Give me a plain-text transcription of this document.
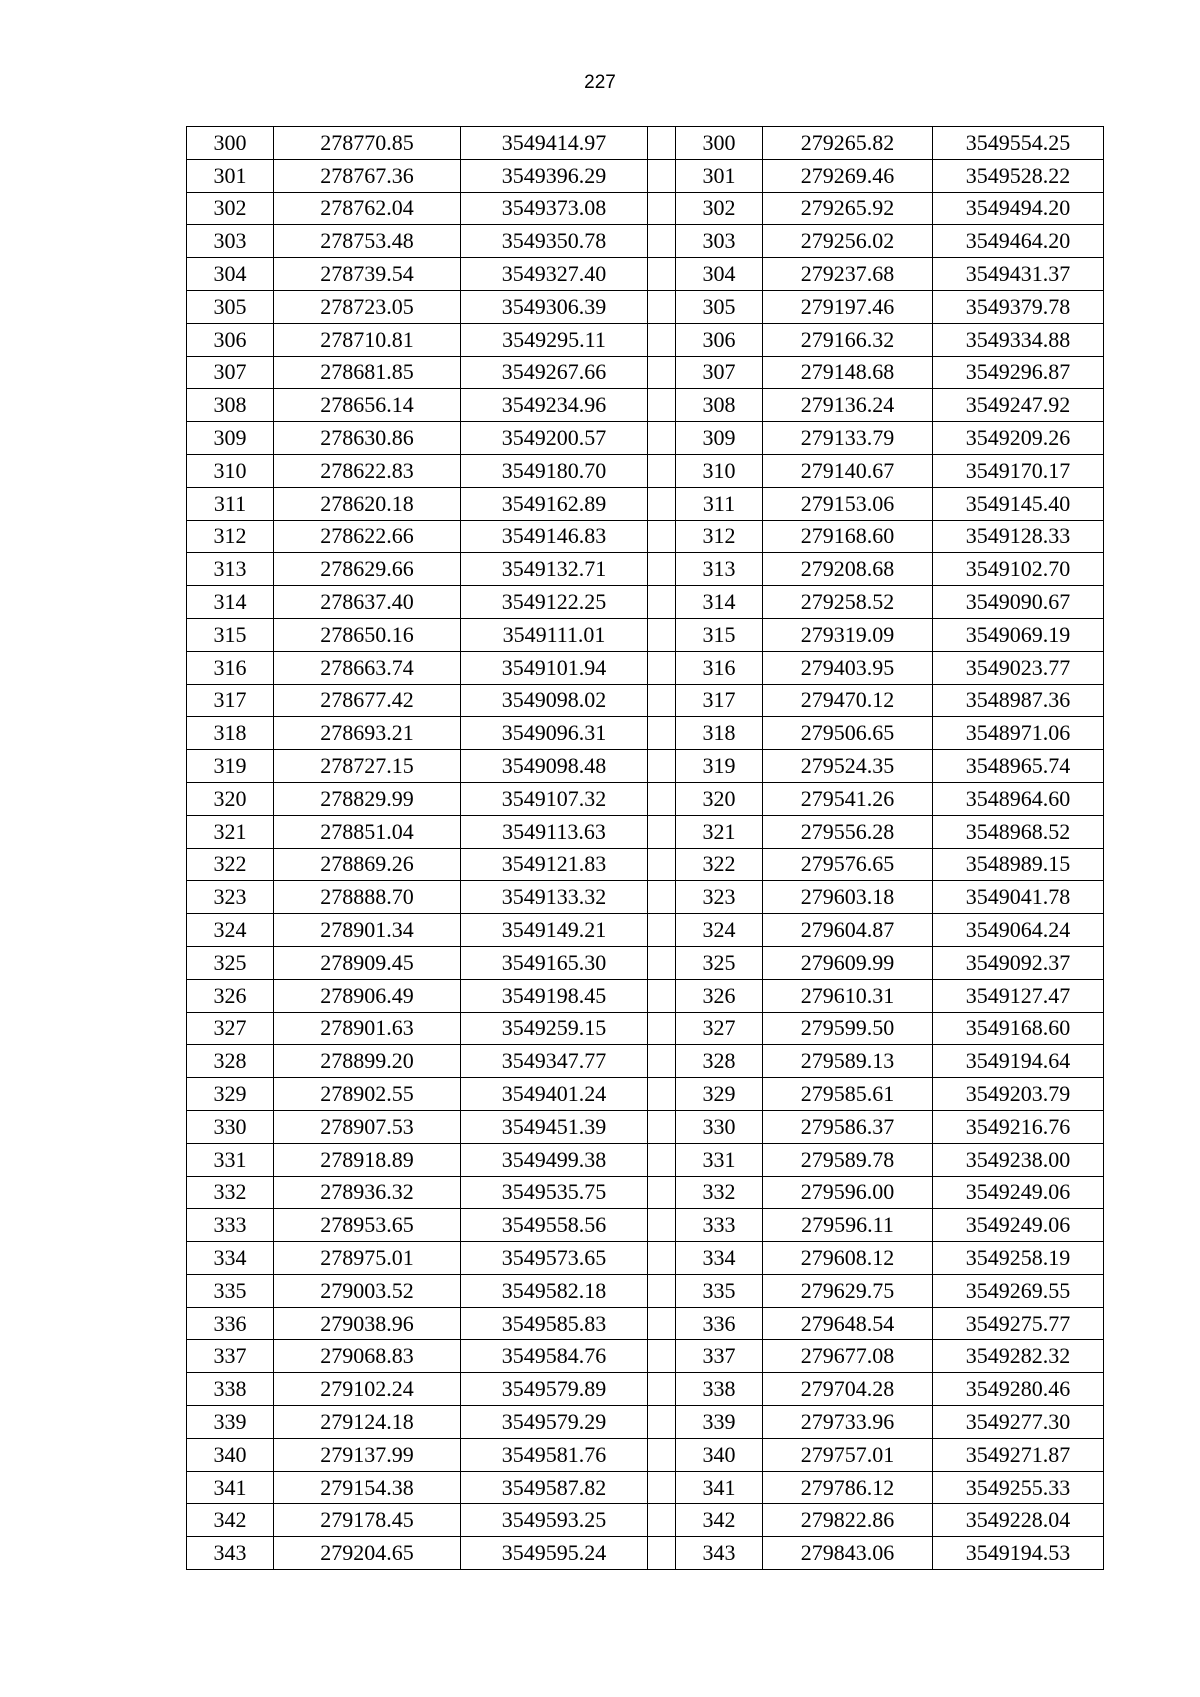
227
300	278770.85	3549414.97		300	279265.82	3549554.25
301	278767.36	3549396.29		301	279269.46	3549528.22
302	278762.04	3549373.08		302	279265.92	3549494.20
303	278753.48	3549350.78		303	279256.02	3549464.20
304	278739.54	3549327.40		304	279237.68	3549431.37
305	278723.05	3549306.39		305	279197.46	3549379.78
306	278710.81	3549295.11		306	279166.32	3549334.88
307	278681.85	3549267.66		307	279148.68	3549296.87
308	278656.14	3549234.96		308	279136.24	3549247.92
309	278630.86	3549200.57		309	279133.79	3549209.26
310	278622.83	3549180.70		310	279140.67	3549170.17
311	278620.18	3549162.89		311	279153.06	3549145.40
312	278622.66	3549146.83		312	279168.60	3549128.33
313	278629.66	3549132.71		313	279208.68	3549102.70
314	278637.40	3549122.25		314	279258.52	3549090.67
315	278650.16	3549111.01		315	279319.09	3549069.19
316	278663.74	3549101.94		316	279403.95	3549023.77
317	278677.42	3549098.02		317	279470.12	3548987.36
318	278693.21	3549096.31		318	279506.65	3548971.06
319	278727.15	3549098.48		319	279524.35	3548965.74
320	278829.99	3549107.32		320	279541.26	3548964.60
321	278851.04	3549113.63		321	279556.28	3548968.52
322	278869.26	3549121.83		322	279576.65	3548989.15
323	278888.70	3549133.32		323	279603.18	3549041.78
324	278901.34	3549149.21		324	279604.87	3549064.24
325	278909.45	3549165.30		325	279609.99	3549092.37
326	278906.49	3549198.45		326	279610.31	3549127.47
327	278901.63	3549259.15		327	279599.50	3549168.60
328	278899.20	3549347.77		328	279589.13	3549194.64
329	278902.55	3549401.24		329	279585.61	3549203.79
330	278907.53	3549451.39		330	279586.37	3549216.76
331	278918.89	3549499.38		331	279589.78	3549238.00
332	278936.32	3549535.75		332	279596.00	3549249.06
333	278953.65	3549558.56		333	279596.11	3549249.06
334	278975.01	3549573.65		334	279608.12	3549258.19
335	279003.52	3549582.18		335	279629.75	3549269.55
336	279038.96	3549585.83		336	279648.54	3549275.77
337	279068.83	3549584.76		337	279677.08	3549282.32
338	279102.24	3549579.89		338	279704.28	3549280.46
339	279124.18	3549579.29		339	279733.96	3549277.30
340	279137.99	3549581.76		340	279757.01	3549271.87
341	279154.38	3549587.82		341	279786.12	3549255.33
342	279178.45	3549593.25		342	279822.86	3549228.04
343	279204.65	3549595.24		343	279843.06	3549194.53
